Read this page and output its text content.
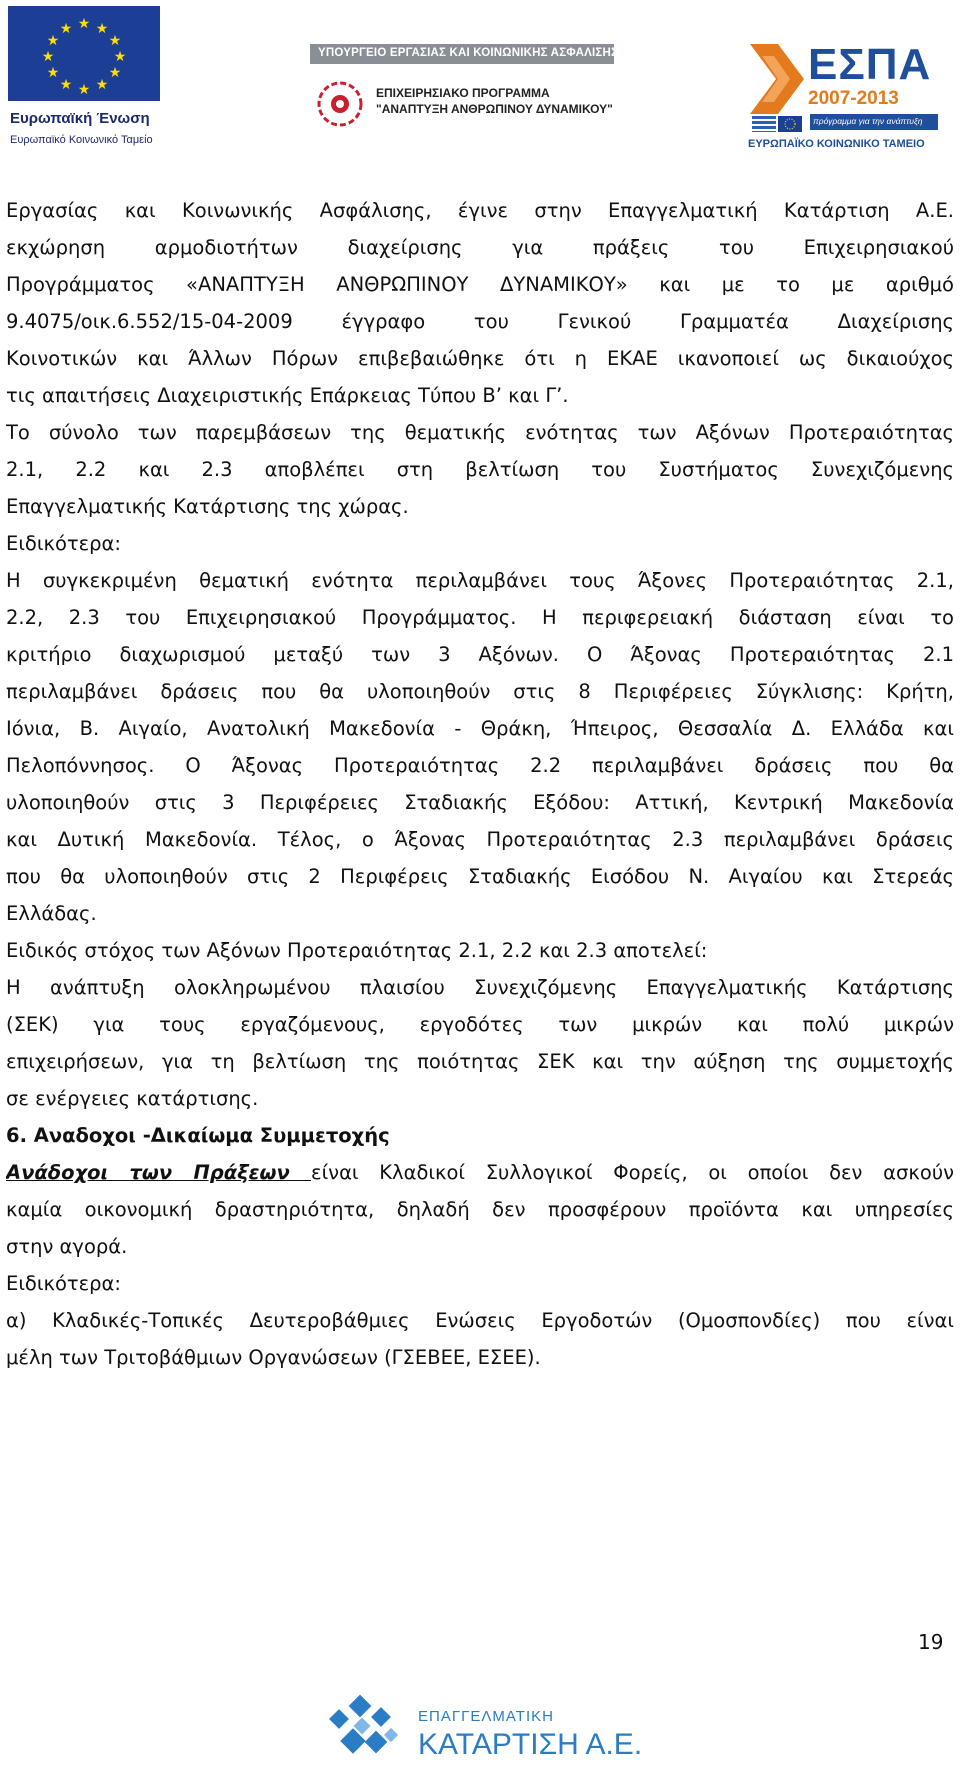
★ ★
★
★
★
★
★
★
★
★
★
★
Ευρωπαϊκή Ένωση
Ευρωπαϊκό Κοινωνικό Ταμείο
ΥΠΟΥΡΓΕΙΟ ΕΡΓΑΣΙΑΣ ΚΑΙ ΚΟΙΝΩΝΙΚΗΣ ΑΣΦΑΛΙΣΗΣ
ΕΠΙΧΕΙΡΗΣΙΑΚΟ ΠΡΟΓΡΑΜΜΑ
"ΑΝΑΠΤΥΞΗ ΑΝΘΡΩΠΙΝΟΥ ΔΥΝΑΜΙΚΟΥ"
ΕΣΠΑ
2007-2013
πρόγραμμα για την ανάπτυξη
ΕΥΡΩΠΑΪΚΟ ΚΟΙΝΩΝΙΚΟ ΤΑΜΕΙΟ
Εργασίας και Κοινωνικής Ασφάλισης, έγινε στην Επαγγελματική Κατάρτιση Α.Ε.
εκχώρηση αρμοδιοτήτων διαχείρισης για πράξεις του Επιχειρησιακού
Προγράμματος «ΑΝΑΠΤΥΞΗ ΑΝΘΡΩΠΙΝΟΥ ΔΥΝΑΜΙΚΟΥ» και με το με αριθμό
9.4075/οικ.6.552/15-04-2009 έγγραφο του Γενικού Γραμματέα Διαχείρισης
Κοινοτικών και Άλλων Πόρων επιβεβαιώθηκε ότι η ΕΚΑΕ ικανοποιεί ως δικαιούχος
τις απαιτήσεις Διαχειριστικής Επάρκειας Τύπου Β’ και Γ’.
Το σύνολο των παρεμβάσεων της θεματικής ενότητας των Αξόνων Προτεραιότητας
2.1, 2.2 και 2.3 αποβλέπει στη βελτίωση του Συστήματος Συνεχιζόμενης
Επαγγελματικής Κατάρτισης της χώρας.
Ειδικότερα:
Η συγκεκριμένη θεματική ενότητα περιλαμβάνει τους Άξονες Προτεραιότητας 2.1,
2.2, 2.3 του Επιχειρησιακού Προγράμματος. Η περιφερειακή διάσταση είναι το
κριτήριο διαχωρισμού μεταξύ των 3 Αξόνων. Ο Άξονας Προτεραιότητας 2.1
περιλαμβάνει δράσεις που θα υλοποιηθούν στις 8 Περιφέρειες Σύγκλισης: Κρήτη,
Ιόνια, Β. Αιγαίο, Ανατολική Μακεδονία - Θράκη, Ήπειρος, Θεσσαλία Δ. Ελλάδα και
Πελοπόννησος. Ο Άξονας Προτεραιότητας 2.2 περιλαμβάνει δράσεις που θα
υλοποιηθούν στις 3 Περιφέρειες Σταδιακής Εξόδου: Αττική, Κεντρική Μακεδονία
και Δυτική Μακεδονία. Τέλος, ο Άξονας Προτεραιότητας 2.3 περιλαμβάνει δράσεις
που θα υλοποιηθούν στις 2 Περιφέρεις Σταδιακής Εισόδου Ν. Αιγαίου και Στερεάς
Ελλάδας.
Ειδικός στόχος των Αξόνων Προτεραιότητας 2.1, 2.2 και 2.3 αποτελεί:
Η ανάπτυξη ολοκληρωμένου πλαισίου Συνεχιζόμενης Επαγγελματικής Κατάρτισης
(ΣΕΚ) για τους εργαζόμενους, εργοδότες των μικρών και πολύ μικρών
επιχειρήσεων, για τη βελτίωση της ποιότητας ΣΕΚ και την αύξηση της συμμετοχής
σε ενέργειες κατάρτισης.
6. Αναδοχοι -Δικαίωμα Συμμετοχής
Ανάδοχοι των Πράξεων είναι Κλαδικοί Συλλογικοί Φορείς, οι οποίοι δεν ασκούν
καμία οικονομική δραστηριότητα, δηλαδή δεν προσφέρουν προϊόντα και υπηρεσίες
στην αγορά.
Ειδικότερα:
α) Κλαδικές-Τοπικές Δευτεροβάθμιες Ενώσεις Εργοδοτών (Ομοσπονδίες) που είναι
μέλη των Τριτοβάθμιων Οργανώσεων (ΓΣΕΒΕΕ, ΕΣΕΕ).
19
ΕΠΑΓΓΕΛΜΑΤΙΚΗ
ΚΑΤΑΡΤΙΣΗ Α.Ε.
